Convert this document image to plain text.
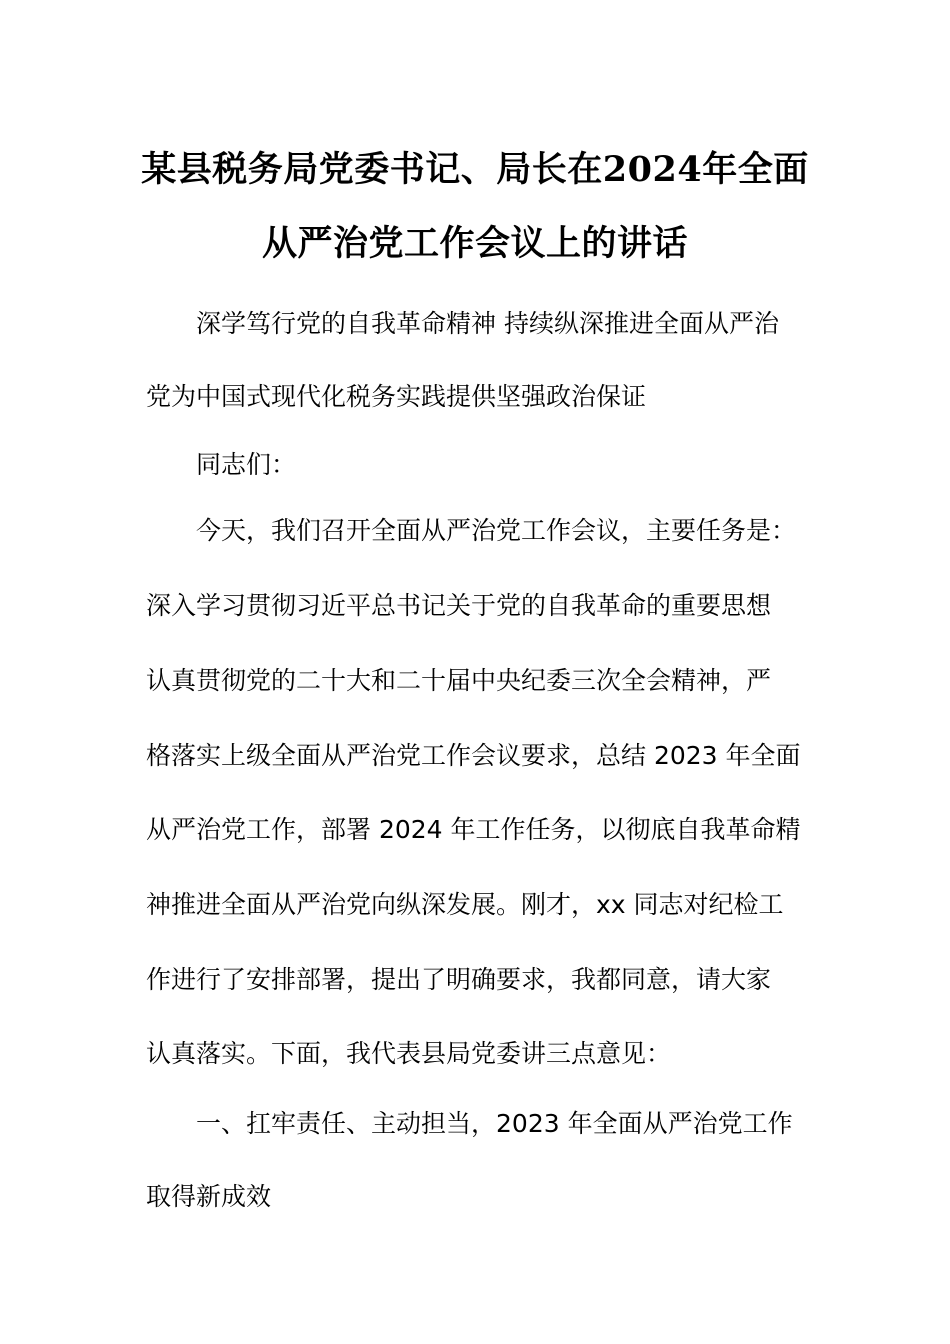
某县税务局党委书记、局长在2024年全面
从严治党工作会议上的讲话
深学笃行党的自我革命精神 持续纵深推进全面从严治
党为中国式现代化税务实践提供坚强政治保证
同志们：
今天，我们召开全面从严治党工作会议，主要任务是：
深入学习贯彻习近平总书记关于党的自我革命的重要思想
认真贯彻党的二十大和二十届中央纪委三次全会精神，严
格落实上级全面从严治党工作会议要求，总结 2023 年全面
从严治党工作，部署 2024 年工作任务，以彻底自我革命精
神推进全面从严治党向纵深发展。刚才，xx 同志对纪检工
作进行了安排部署，提出了明确要求，我都同意，请大家
认真落实。下面，我代表县局党委讲三点意见：
一、扛牢责任、主动担当，2023 年全面从严治党工作
取得新成效
